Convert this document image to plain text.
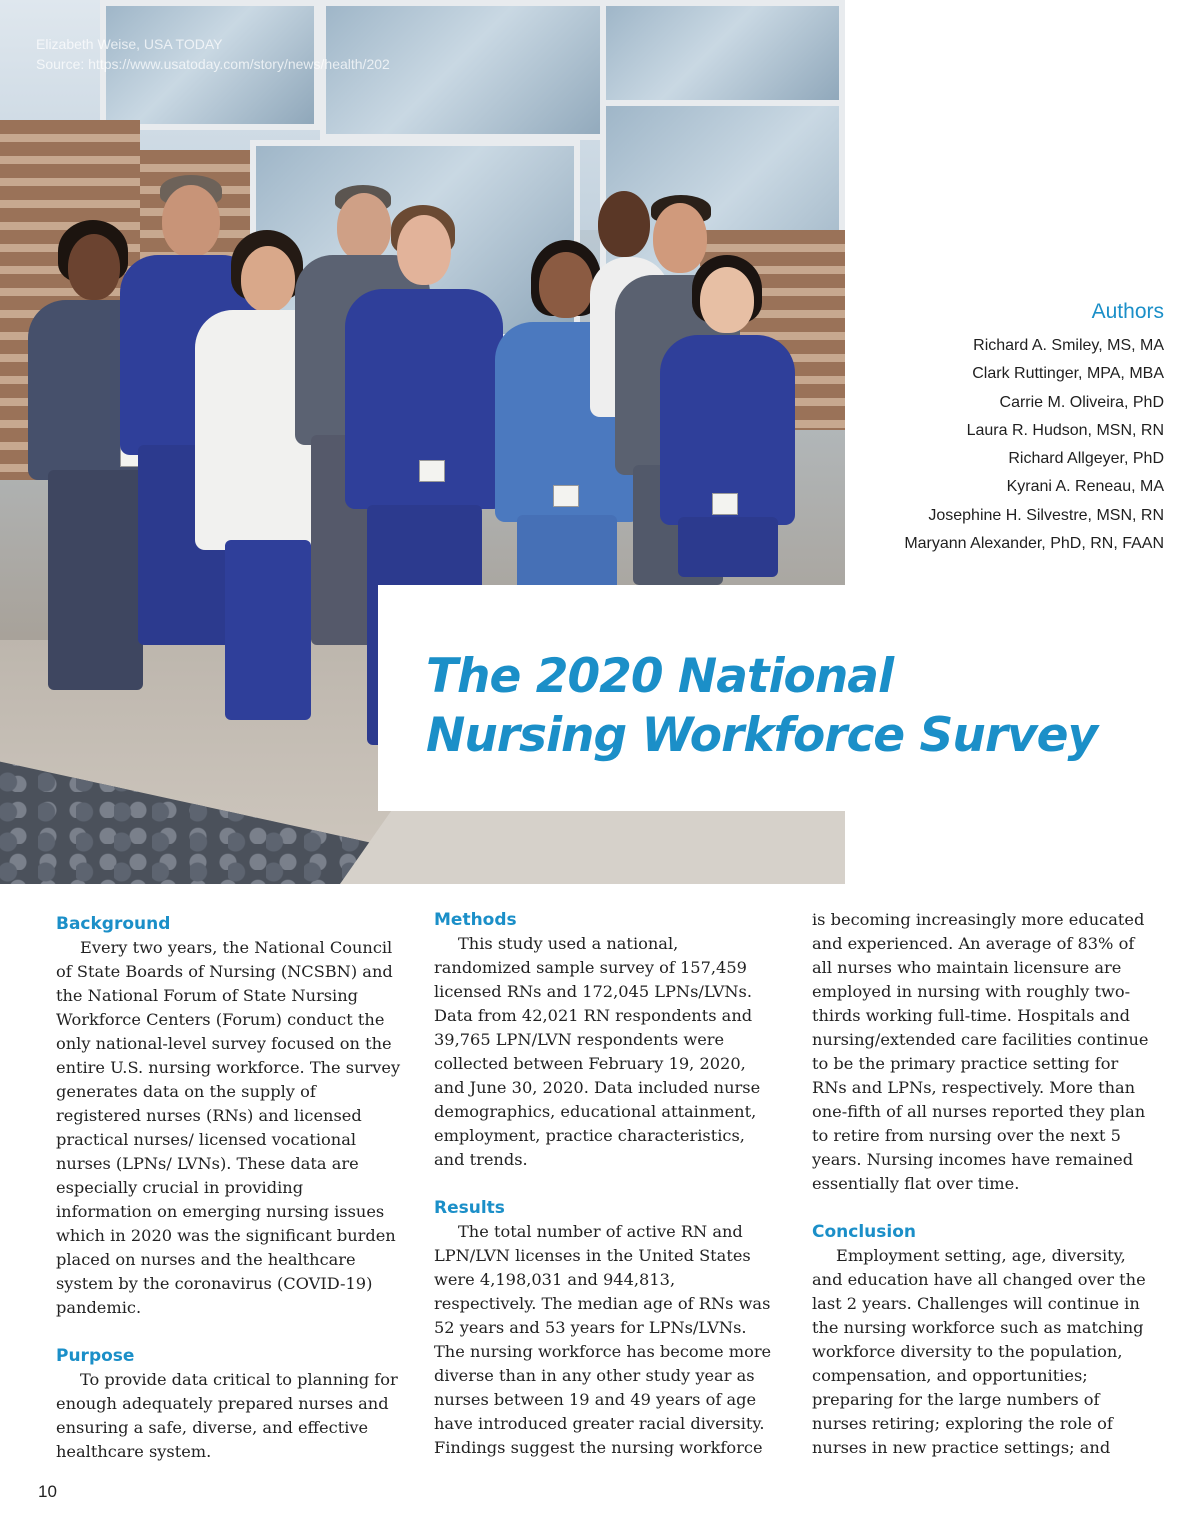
Elizabeth Weise, USA TODAY
Source: https://www.usatoday.com/story/news/health/202
Authors
Richard A. Smiley, MS, MA
Clark Ruttinger, MPA, MBA
Carrie M. Oliveira, PhD
Laura R. Hudson, MSN, RN
Richard Allgeyer, PhD
Kyrani A. Reneau, MA
Josephine H. Silvestre, MSN, RN
Maryann Alexander, PhD, RN, FAAN
The 2020 National
Nursing Workforce Survey
Background

Every two years, the National Council of State Boards of Nursing (NCSBN) and the National Forum of State Nursing Workforce Centers (Forum) conduct the only national-level survey focused on the entire U.S. nursing workforce. The survey generates data on the supply of registered nurses (RNs) and licensed practical nurses/ licensed vocational nurses (LPNs/ LVNs). These data are especially crucial in providing information on emerging nursing issues which in 2020 was the significant burden placed on nurses and the healthcare system by the coronavirus (COVID-19) pandemic.

Purpose

To provide data critical to planning for enough adequately prepared nurses and ensuring a safe, diverse, and effective healthcare system.

Methods

This study used a national, randomized sample survey of 157,459 licensed RNs and 172,045 LPNs/LVNs. Data from 42,021 RN respondents and 39,765 LPN/LVN respondents were collected between February 19, 2020, and June 30, 2020. Data included nurse demographics, educational attainment, employment, practice characteristics, and trends.

Results

The total number of active RN and LPN/LVN licenses in the United States were 4,198,031 and 944,813, respectively. The median age of RNs was 52 years and 53 years for LPNs/LVNs. The nursing workforce has become more diverse than in any other study year as nurses between 19 and 49 years of age have introduced greater racial diversity. Findings suggest the nursing workforce

is becoming increasingly more educated and experienced. An average of 83% of all nurses who maintain licensure are employed in nursing with roughly two-thirds working full-time. Hospitals and nursing/extended care facilities continue to be the primary practice setting for RNs and LPNs, respectively. More than one-fifth of all nurses reported they plan to retire from nursing over the next 5 years. Nursing incomes have remained essentially flat over time.

Conclusion

Employment setting, age, diversity, and education have all changed over the last 2 years. Challenges will continue in the nursing workforce such as matching workforce diversity to the population, compensation, and opportunities; preparing for the large numbers of nurses retiring; exploring the role of nurses in new practice settings; and

10
